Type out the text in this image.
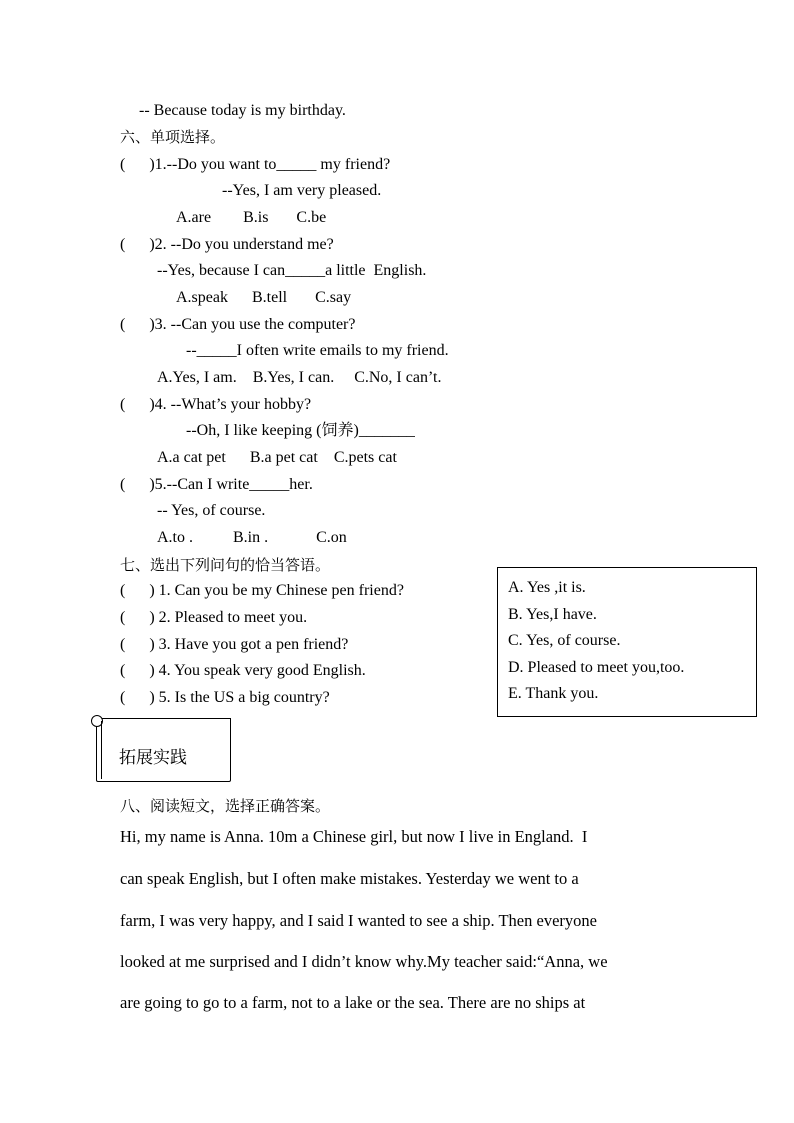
-- Because today is my birthday.
六、单项选择。
(      )1.--Do you want to_____ my friend?
--Yes, I am very pleased.
A.are        B.is       C.be
(      )2. --Do you understand me?
--Yes, because I can_____a little  English.
A.speak      B.tell       C.say
(      )3. --Can you use the computer?
--_____I often write emails to my friend.
A.Yes, I am.    B.Yes, I can.     C.No, I can’t.
(      )4. --What’s your hobby?
--Oh, I like keeping (饲养)_______
A.a cat pet      B.a pet cat    C.pets cat
(      )5.--Can I write_____her.
-- Yes, of course.
A.to .          B.in .            C.on
七、选出下列问句的恰当答语。
(      ) 1. Can you be my Chinese pen friend?
(      ) 2. Pleased to meet you.
(      ) 3. Have you got a pen friend?
(      ) 4. You speak very good English.
(      ) 5. Is the US a big country?
A. Yes ,it is.
B. Yes,I have.
C. Yes, of course.
D. Pleased to meet you,too.
E. Thank you.
拓展实践
八、阅读短文，选择正确答案。
Hi, my name is Anna. 10m a Chinese girl, but now I live in England.  I
can speak English, but I often make mistakes. Yesterday we went to a
farm, I was very happy, and I said I wanted to see a ship. Then everyone
looked at me surprised and I didn’t know why.My teacher said:“Anna, we
are going to go to a farm, not to a lake or the sea. There are no ships at
